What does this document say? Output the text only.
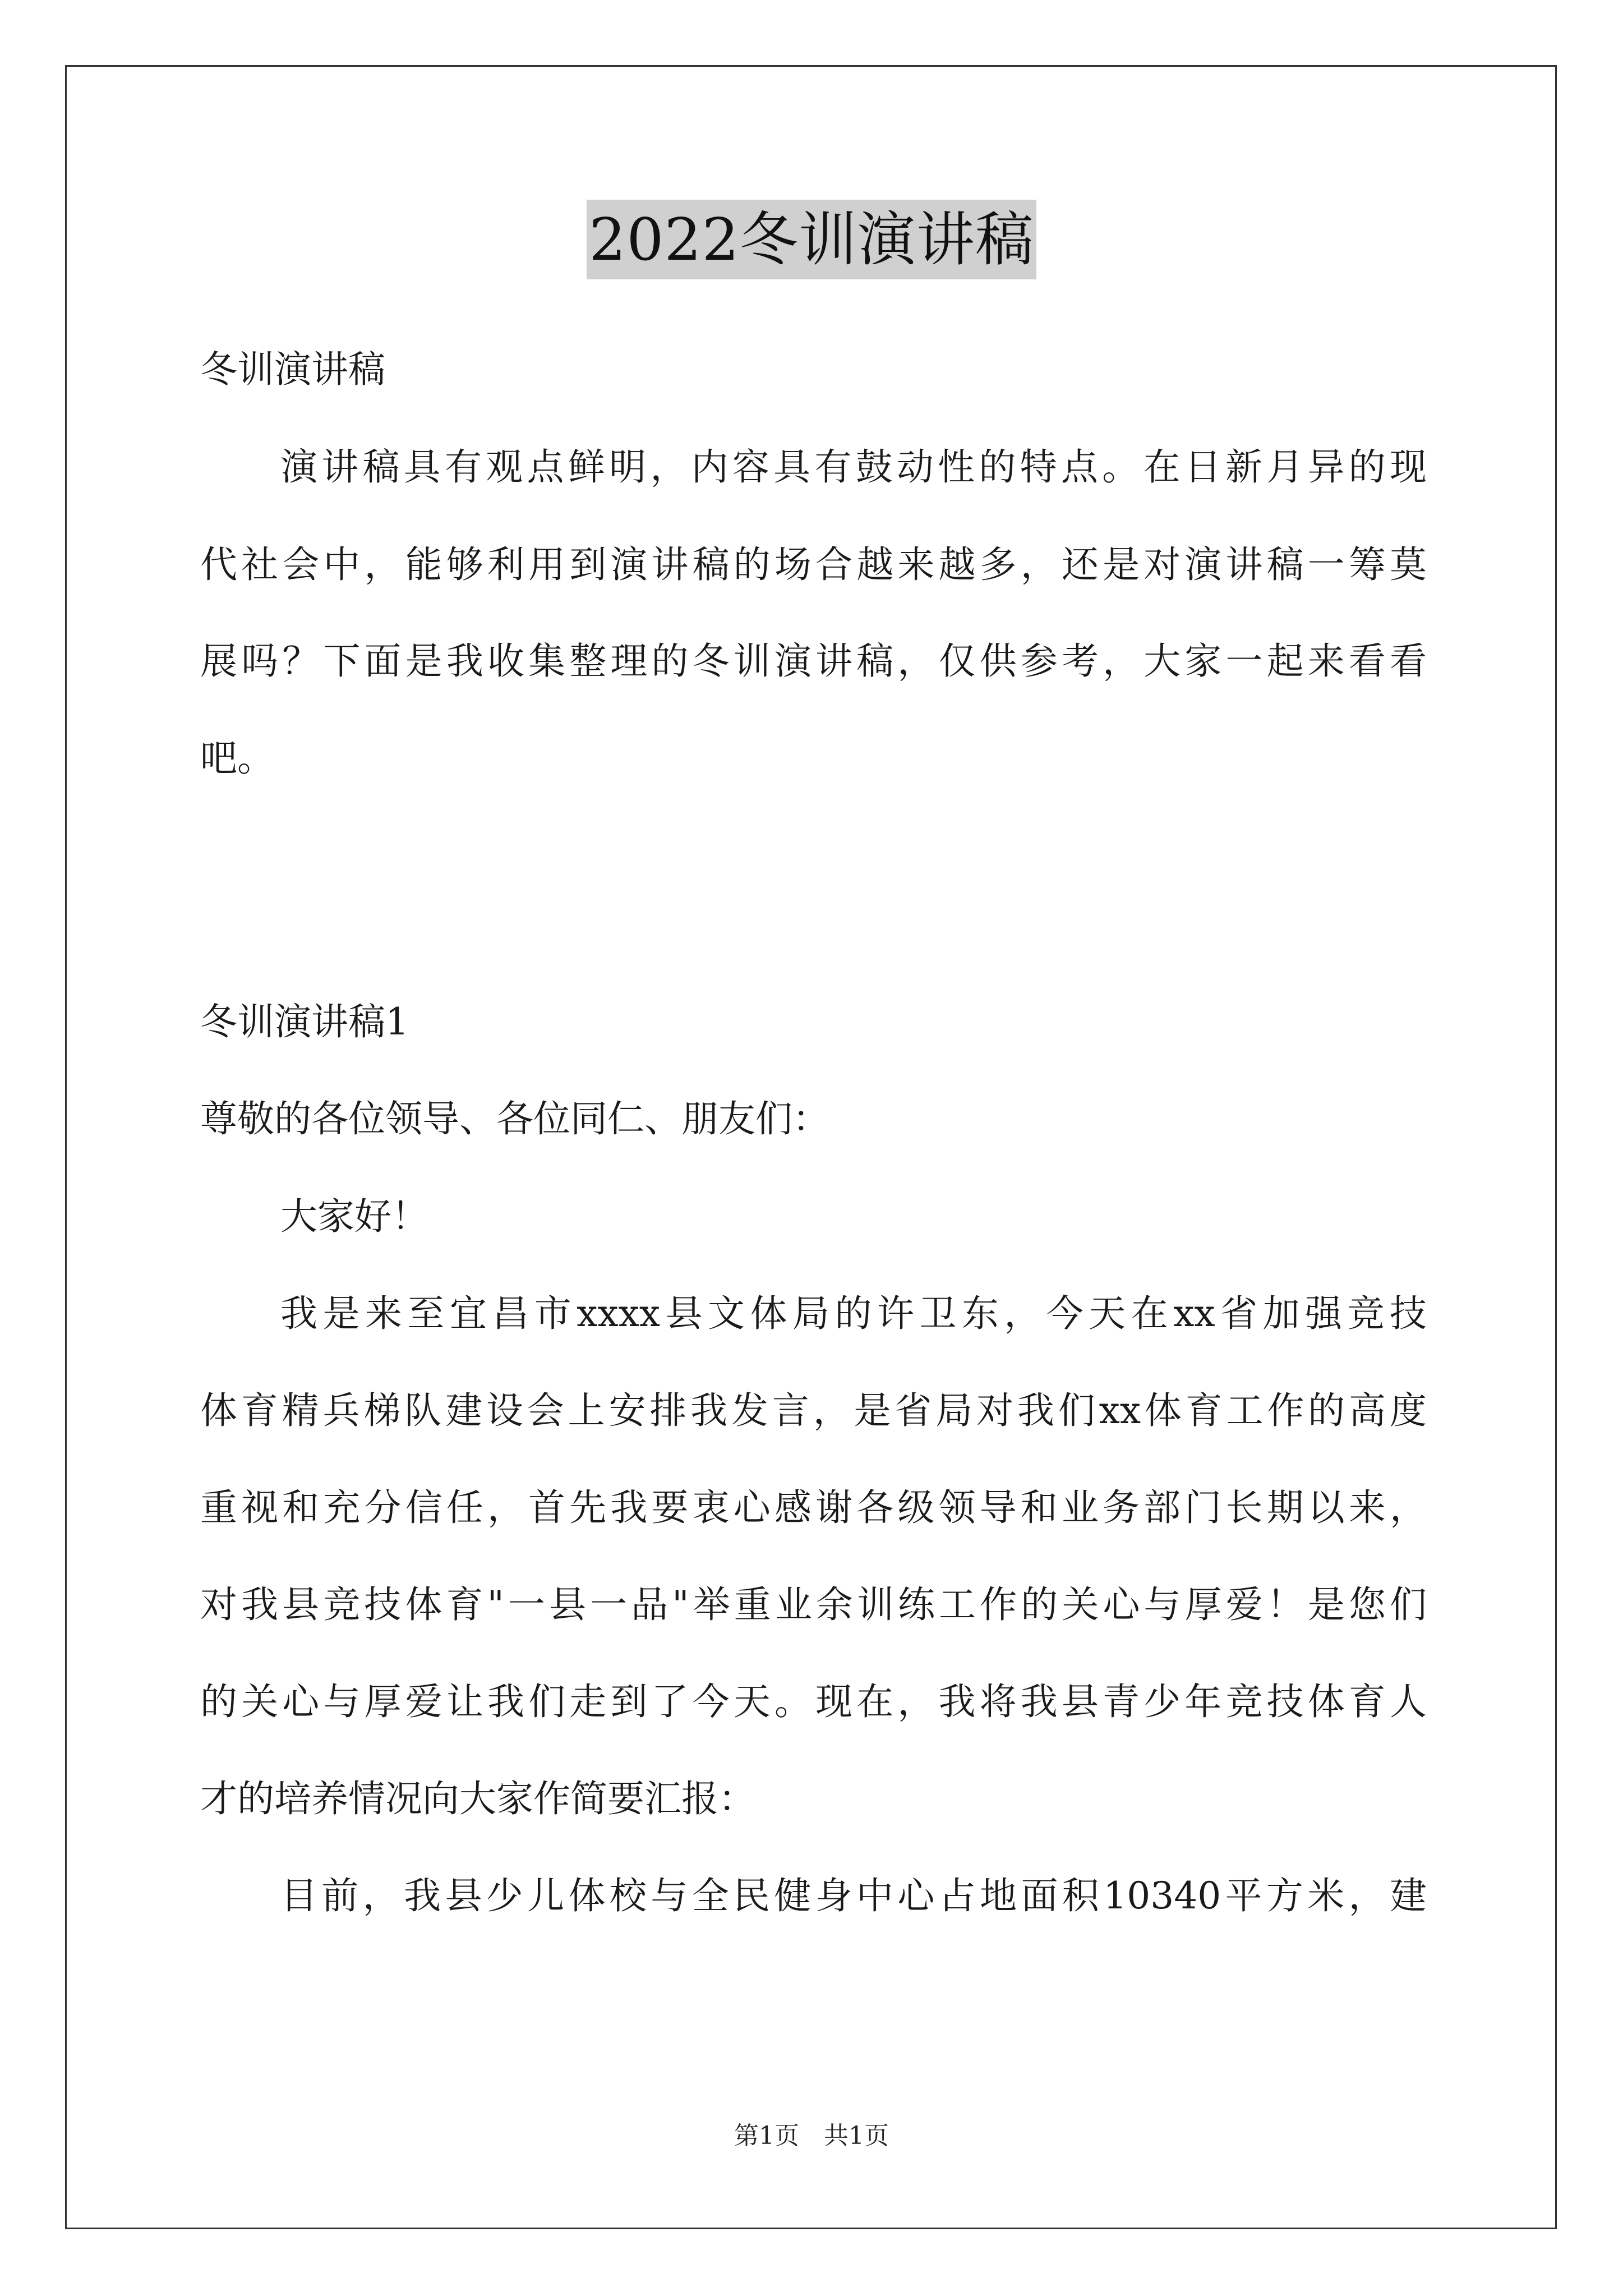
2022冬训演讲稿
冬训演讲稿
演讲稿具有观点鲜明，内容具有鼓动性的特点。在日新月异的现
代社会中，能够利用到演讲稿的场合越来越多，还是对演讲稿一筹莫
展吗？下面是我收集整理的冬训演讲稿，仅供参考，大家一起来看看
吧。
冬训演讲稿1
尊敬的各位领导、各位同仁、朋友们：
大家好！
我是来至宜昌市xxxx县文体局的许卫东，今天在xx省加强竞技
体育精兵梯队建设会上安排我发言，是省局对我们xx体育工作的高度
重视和充分信任，首先我要衷心感谢各级领导和业务部门长期以来，
对我县竞技体育"一县一品"举重业余训练工作的关心与厚爱！是您们
的关心与厚爱让我们走到了今天。现在，我将我县青少年竞技体育人
才的培养情况向大家作简要汇报：
目前，我县少儿体校与全民健身中心占地面积10340平方米，建
第1页　共1页
